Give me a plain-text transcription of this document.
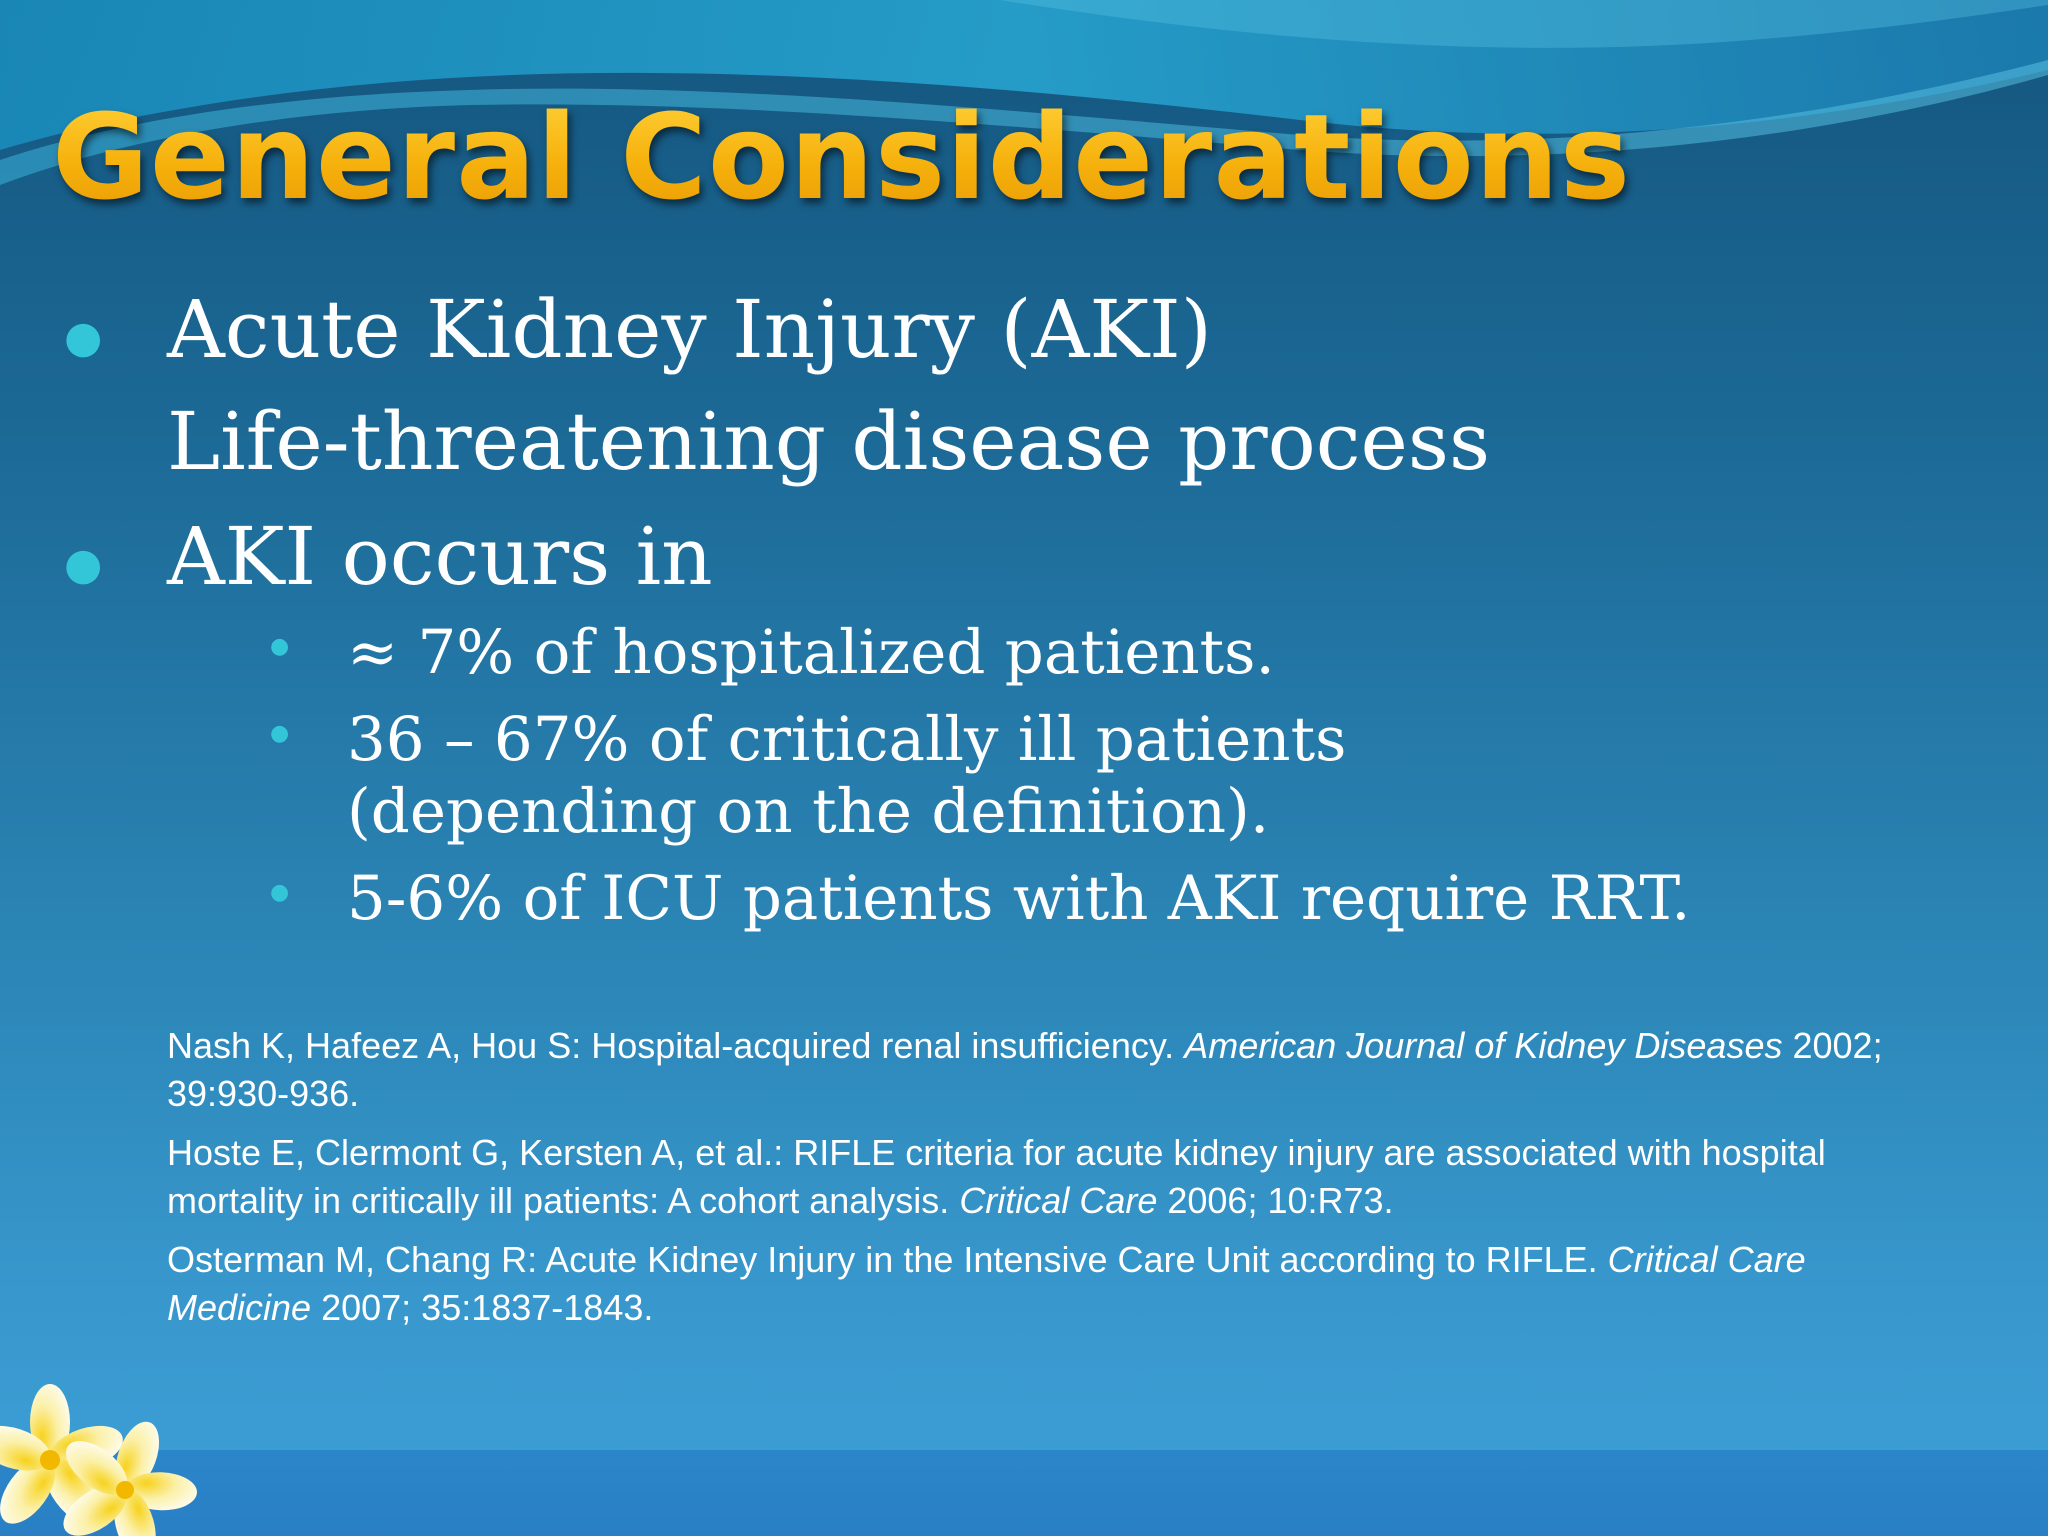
General Considerations
● Acute Kidney Injury (AKI)
Life-threatening disease process
● AKI occurs in
● ≈ 7% of hospitalized patients.
● 36 – 67% of critically ill patients
(depending on the definition).
● 5-6% of ICU patients with AKI require RRT.

Nash K, Hafeez A, Hou S: Hospital-acquired renal insufficiency. American Journal of Kidney Diseases 2002; 39:930-936.

Hoste E, Clermont G, Kersten A, et al.: RIFLE criteria for acute kidney injury are associated with hospital mortality in critically ill patients: A cohort analysis. Critical Care 2006; 10:R73.

Osterman M, Chang R: Acute Kidney Injury in the Intensive Care Unit according to RIFLE. Critical Care Medicine 2007; 35:1837-1843.
